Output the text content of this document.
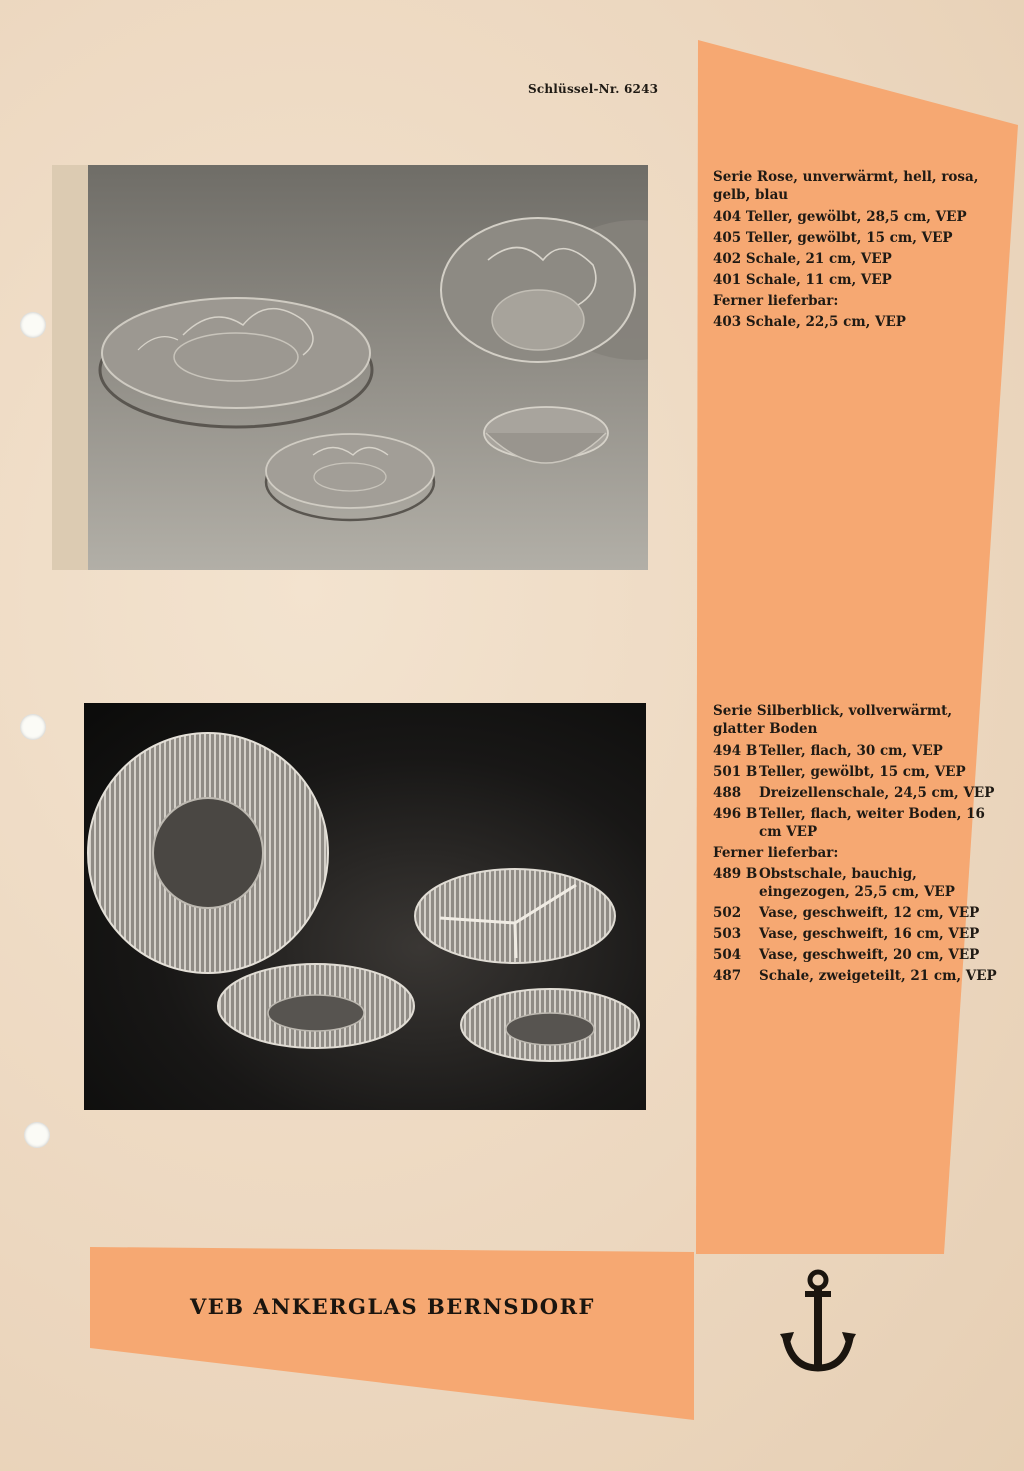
Schlüssel-Nr. 6243
Serie Rose, unverwärmt, hell, rosa, gelb, blau
404 Teller, gewölbt, 28,5 cm, VEP
405 Teller, gewölbt, 15 cm, VEP
402 Schale, 21 cm, VEP
401 Schale, 11 cm, VEP
Ferner lieferbar:
403 Schale, 22,5 cm, VEP
Serie Silberblick, vollverwärmt, glatter Boden
494 B Teller, flach, 30 cm, VEP
501 B Teller, gewölbt, 15 cm, VEP
488	Dreizellenschale, 24,5 cm, VEP
496 B Teller, flach, weiter Boden, 16 cm VEP
Ferner lieferbar:
489 B Obstschale, bauchig, eingezogen, 25,5 cm, VEP
502	Vase, geschweift, 12 cm, VEP
503	Vase, geschweift, 16 cm, VEP
504	Vase, geschweift, 20 cm, VEP
487	Schale, zweigeteilt, 21 cm, VEP
VEB ANKERGLAS BERNSDORF
